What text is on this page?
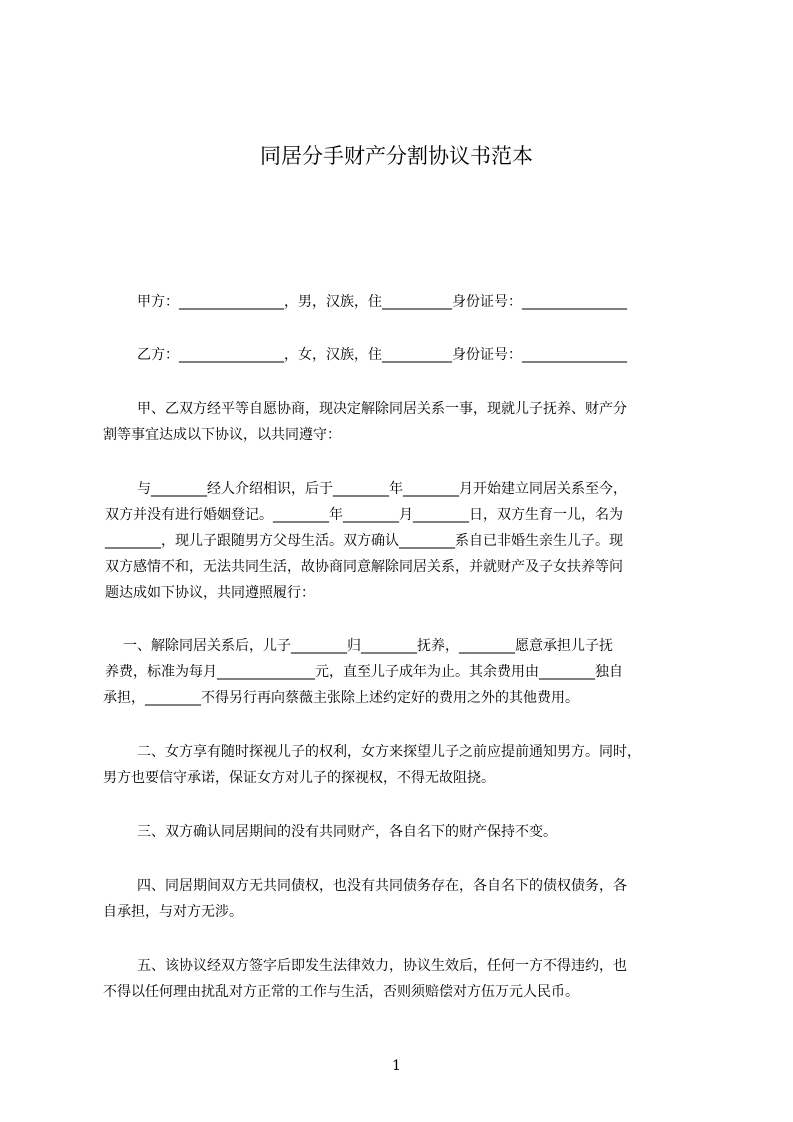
同居分手财产分割协议书范本
甲方：_______________，男，汉族，住__________身份证号：_______________
乙方：_______________，女，汉族，住__________身份证号：_______________
甲、乙双方经平等自愿协商，现决定解除同居关系一事，现就儿子抚养、财产分
割等事宜达成以下协议，以共同遵守：
与________经人介绍相识，后于________年________月开始建立同居关系至今，
双方并没有进行婚姻登记。________年________月________日，双方生育一儿，名为
________，现儿子跟随男方父母生活。双方确认________系自已非婚生亲生儿子。现
双方感情不和，无法共同生活，故协商同意解除同居关系，并就财产及子女扶养等问
题达成如下协议，共同遵照履行：
一、解除同居关系后，儿子________归________抚养，________愿意承担儿子抚
养费，标准为每月______________元，直至儿子成年为止。其余费用由________独自
承担，________不得另行再向蔡薇主张除上述约定好的费用之外的其他费用。
二、女方享有随时探视儿子的权利，女方来探望儿子之前应提前通知男方。同时，
男方也要信守承诺，保证女方对儿子的探视权，不得无故阻挠。
三、双方确认同居期间的没有共同财产，各自名下的财产保持不变。
四、同居期间双方无共同债权，也没有共同债务存在，各自名下的债权债务，各
自承担，与对方无涉。
五、该协议经双方签字后即发生法律效力，协议生效后，任何一方不得违约，也
不得以任何理由扰乱对方正常的工作与生活，否则须赔偿对方伍万元人民币。
1
